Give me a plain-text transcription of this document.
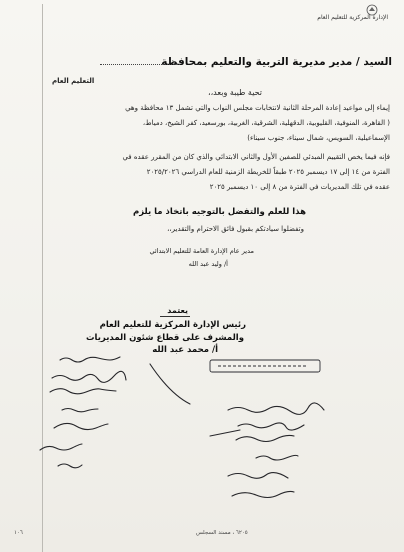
الإدارة المركزية للتعليم العام
السيد / مدير مديرية التربية والتعليم بمحافظة
التعليم العام
تحية طيبة وبعد،،
إيماء إلى مواعيد إعادة المرحلة الثانية لانتخابات مجلس النواب والتي تشمل ١٣ محافظة وهي
( القاهرة، المنوفية، القليوبية، الدقهلية، الشرقية، الغربية، بورسعيد، كفر الشيخ، دمياط،
الإسماعيلية، السويس، شمال سيناء، جنوب سيناء)
فإنه فيما يخص التقييم المبدئي للصفين الأول والثاني الابتدائي والذي كان من المقرر عقده في
الفترة من ١٤ إلى ١٧ ديسمبر ٢٠٢٥ طبقاً للخريطة الزمنية للعام الدراسي ٢٠٢٥/٢٠٢٦
عقده في تلك المديريات في الفترة من ٨ إلى ١٠ ديسمبر ٢٠٢٥
هذا للعلم والتفضل بالتوجيه باتخاذ ما يلزم
وتفضلوا سيادتكم بقبول فائق الاحترام والتقدير،،
مدير عام الإدارة العامة للتعليم الابتدائي
أ/ وليد عبد الله
يعتمد
رئيس الإدارة المركزية للتعليم العام
والمشرف على قطاع شئون المديريات
أ/ محمد عبد الله
١٠٦	٦٢٠٥ ، مسند السجلس
